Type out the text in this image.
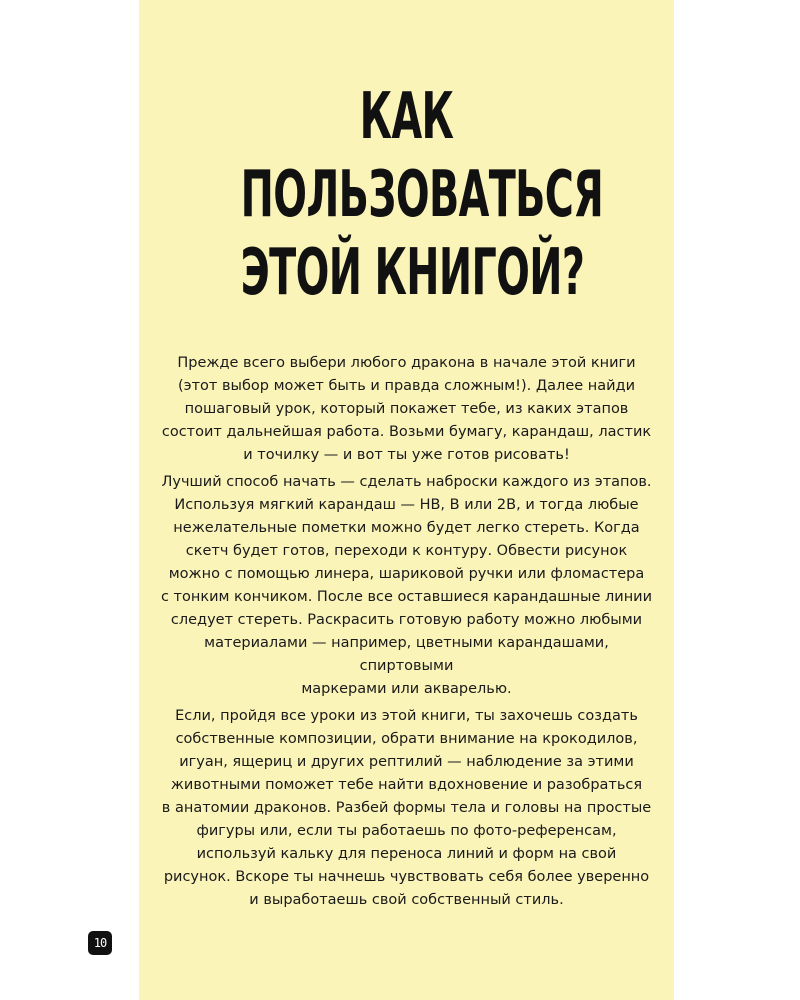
КАК
ПОЛЬЗОВАТЬСЯ
ЭТОЙ КНИГОЙ?

Прежде всего выбери любого дракона в начале этой книги
(этот выбор может быть и правда сложным!). Далее найди
пошаговый урок, который покажет тебе, из каких этапов
состоит дальнейшая работа. Возьми бумагу, карандаш, ластик
и точилку — и вот ты уже готов рисовать!

Лучший способ начать — сделать наброски каждого из этапов.
Используя мягкий карандаш — HB, B или 2B, и тогда любые
нежелательные пометки можно будет легко стереть. Когда
скетч будет готов, переходи к контуру. Обвести рисунок
можно с помощью линера, шариковой ручки или фломастера
с тонким кончиком. После все оставшиеся карандашные линии
следует стереть. Раскрасить готовую работу можно любыми
материалами — например, цветными карандашами, спиртовыми
маркерами или акварелью.

Если, пройдя все уроки из этой книги, ты захочешь создать
собственные композиции, обрати внимание на крокодилов,
игуан, ящериц и других рептилий — наблюдение за этими
животными поможет тебе найти вдохновение и разобраться
в анатомии драконов. Разбей формы тела и головы на простые
фигуры или, если ты работаешь по фото-референсам,
используй кальку для переноса линий и форм на свой
рисунок. Вскоре ты начнешь чувствовать себя более уверенно
и выработаешь свой собственный стиль.

10
